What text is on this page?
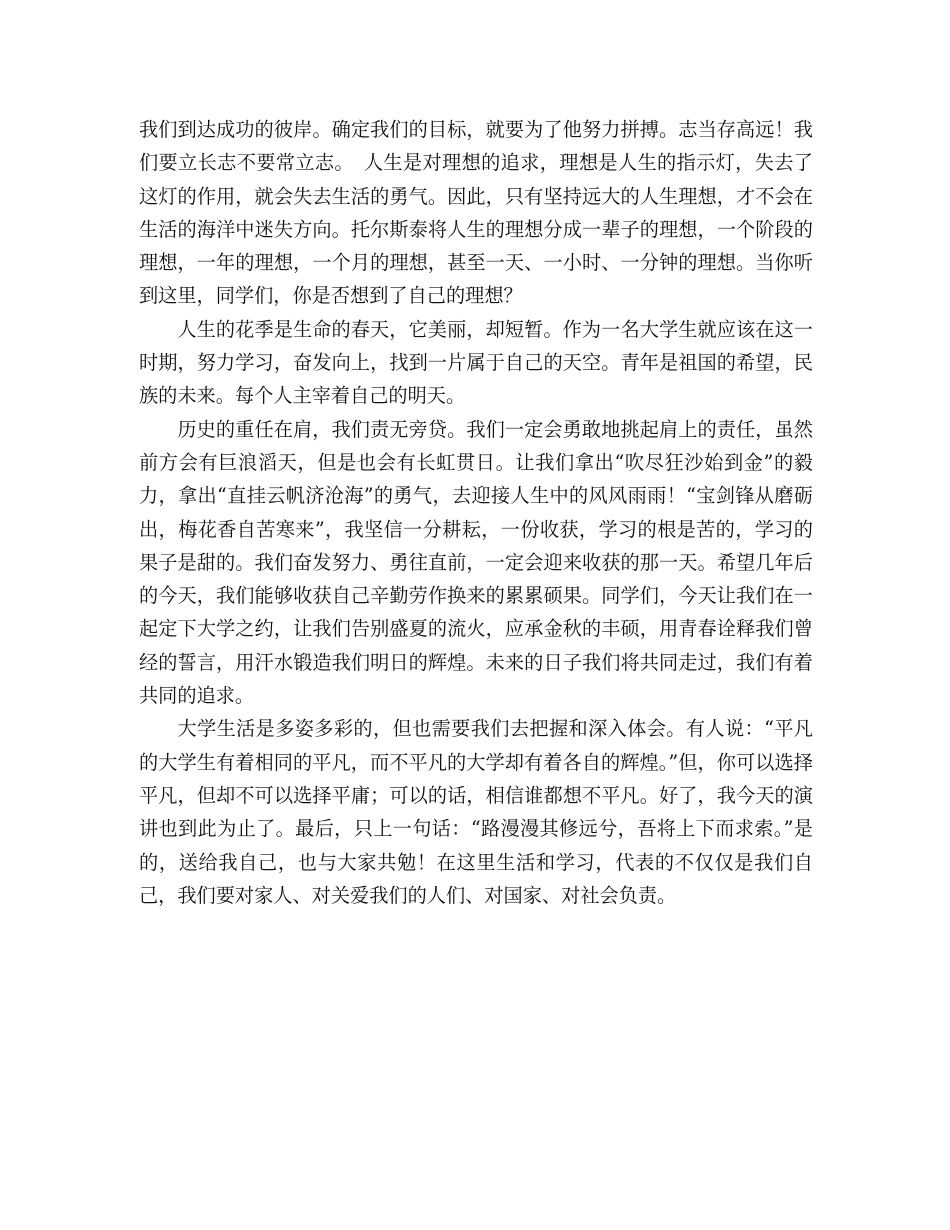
我们到达成功的彼岸。确定我们的目标，就要为了他努力拼搏。志当存高远！我们要立长志不要常立志。　人生是对理想的追求，理想是人生的指示灯，失去了这灯的作用，就会失去生活的勇气。因此，只有坚持远大的人生理想，才不会在生活的海洋中迷失方向。托尔斯泰将人生的理想分成一辈子的理想，一个阶段的理想，一年的理想，一个月的理想，甚至一天、一小时、一分钟的理想。当你听到这里，同学们，你是否想到了自己的理想？

人生的花季是生命的春天，它美丽，却短暂。作为一名大学生就应该在这一时期，努力学习，奋发向上，找到一片属于自己的天空。青年是祖国的希望，民族的未来。每个人主宰着自己的明天。

历史的重任在肩，我们责无旁贷。我们一定会勇敢地挑起肩上的责任，虽然前方会有巨浪滔天，但是也会有长虹贯日。让我们拿出“吹尽狂沙始到金”的毅力，拿出“直挂云帆济沧海”的勇气，去迎接人生中的风风雨雨！“宝剑锋从磨砺出，梅花香自苦寒来”，我坚信一分耕耘，一份收获，学习的根是苦的，学习的果子是甜的。我们奋发努力、勇往直前，一定会迎来收获的那一天。希望几年后的今天，我们能够收获自己辛勤劳作换来的累累硕果。同学们，今天让我们在一起定下大学之约，让我们告别盛夏的流火，应承金秋的丰硕，用青春诠释我们曾经的誓言，用汗水锻造我们明日的辉煌。未来的日子我们将共同走过，我们有着共同的追求。

大学生活是多姿多彩的，但也需要我们去把握和深入体会。有人说：“平凡的大学生有着相同的平凡，而不平凡的大学却有着各自的辉煌。”但，你可以选择平凡，但却不可以选择平庸；可以的话，相信谁都想不平凡。好了，我今天的演讲也到此为止了。最后，只上一句话：“路漫漫其修远兮，吾将上下而求索。”是的，送给我自己，也与大家共勉！在这里生活和学习，代表的不仅仅是我们自己，我们要对家人、对关爱我们的人们、对国家、对社会负责。
